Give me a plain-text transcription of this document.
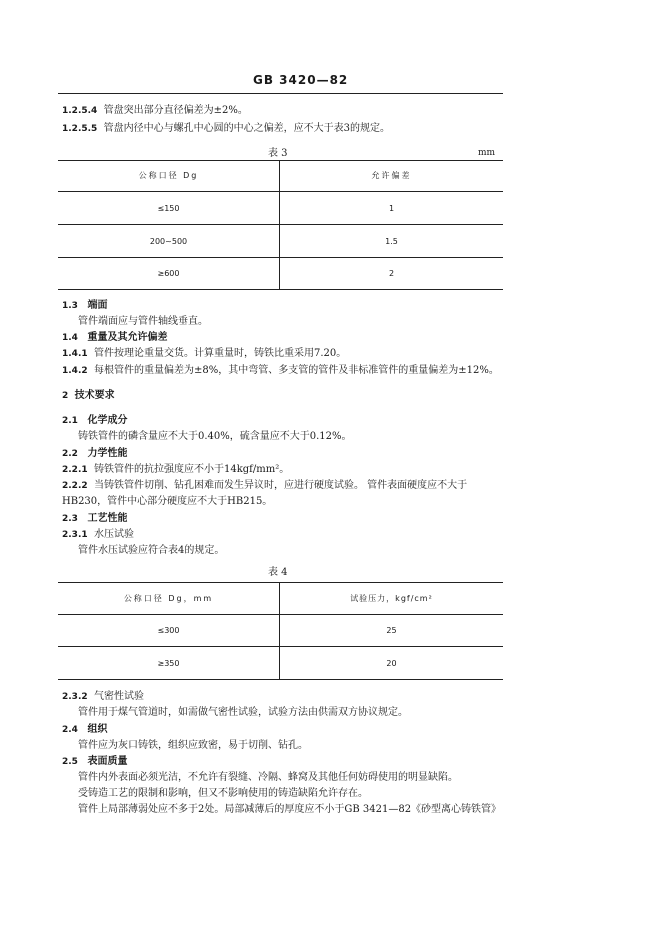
GB 3420—82
1.2.5.4 管盘突出部分直径偏差为±2%。
1.2.5.5 管盘内径中心与螺孔中心圆的中心之偏差，应不大于表3的规定。
表 3	mm
公称口径 Dg	允许偏差
≤150	1
200~500	1.5
≥600	2
1.3 端面
管件端面应与管件轴线垂直。
1.4 重量及其允许偏差
1.4.1 管件按理论重量交货。计算重量时，铸铁比重采用7.20。
1.4.2 每根管件的重量偏差为±8%，其中弯管、多支管的管件及非标准管件的重量偏差为±12%。
2 技术要求
2.1 化学成分
铸铁管件的磷含量应不大于0.40%，硫含量应不大于0.12%。
2.2 力学性能
2.2.1 铸铁管件的抗拉强度应不小于14kgf/mm²。
2.2.2 当铸铁管件切削、钻孔困难而发生异议时，应进行硬度试验。 管件表面硬度应不大于
HB230，管件中心部分硬度应不大于HB215。
2.3 工艺性能
2.3.1 水压试验
管件水压试验应符合表4的规定。
表 4
公称口径 Dg，mm	试验压力，kgf/cm²
≤300	25
≥350	20
2.3.2 气密性试验
管件用于煤气管道时，如需做气密性试验，试验方法由供需双方协议规定。
2.4 组织
管件应为灰口铸铁，组织应致密，易于切削、钻孔。
2.5 表面质量
管件内外表面必须光洁，不允许有裂缝、冷隔、蜂窝及其他任何妨碍使用的明显缺陷。
受铸造工艺的限制和影响，但又不影响使用的铸造缺陷允许存在。
管件上局部薄弱处应不多于2处。局部减薄后的厚度应不小于GB 3421—82《砂型离心铸铁管》
